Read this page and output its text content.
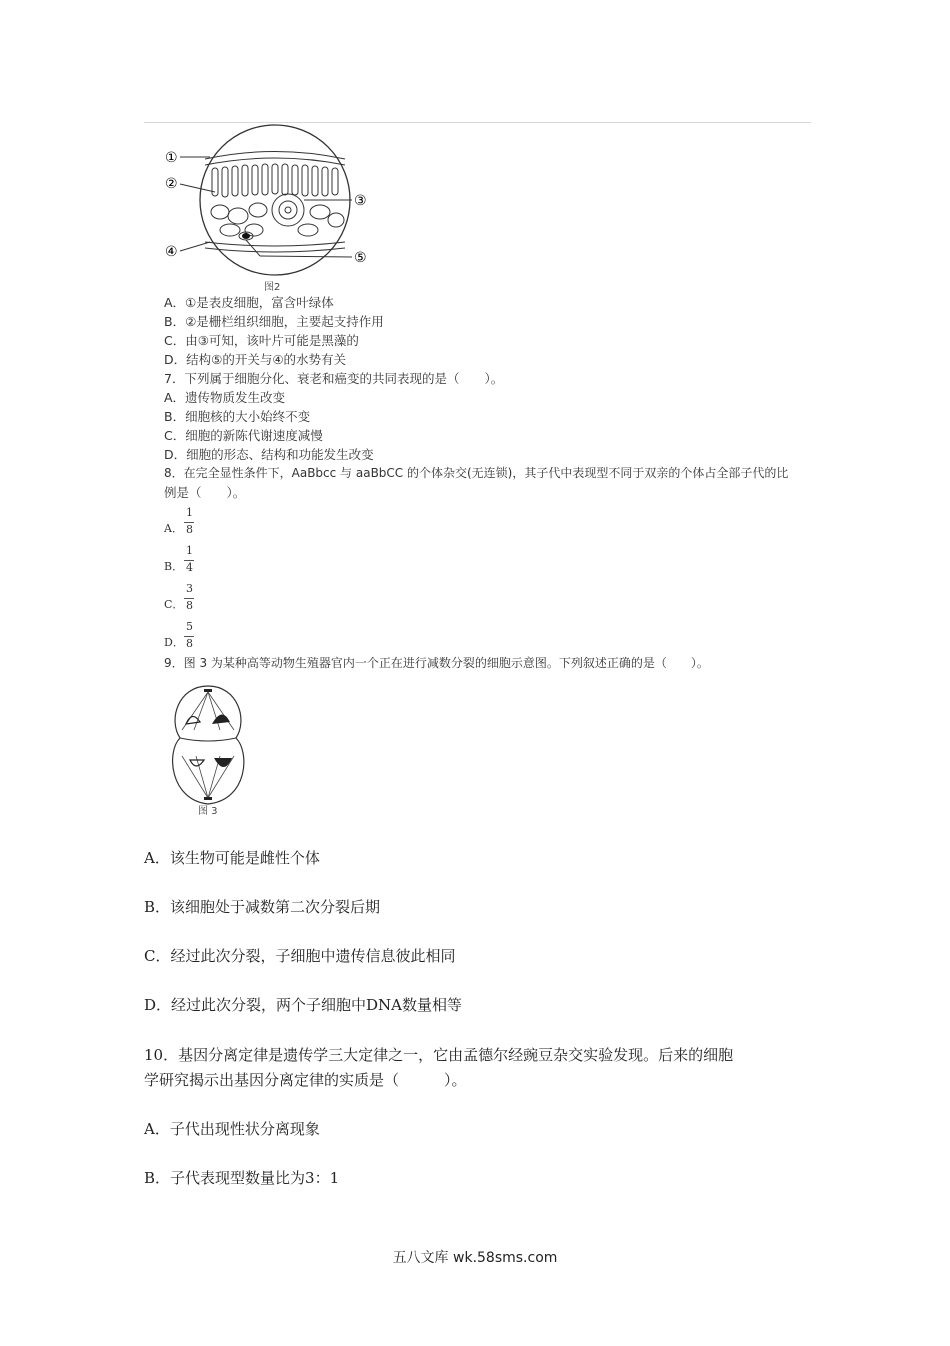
①
②
③
④	⑤
图2
A．①是表皮细胞，富含叶绿体
B．②是栅栏组织细胞，主要起支持作用
C．由③可知，该叶片可能是黑藻的
D．结构⑤的开关与④的水势有关
7．下列属于细胞分化、衰老和癌变的共同表现的是（　　）。
A．遗传物质发生改变
B．细胞核的大小始终不变
C．细胞的新陈代谢速度减慢
D．细胞的形态、结构和功能发生改变
8．在完全显性条件下，AaBbcc 与 aaBbCC 的个体杂交(无连锁)，其子代中表现型不同于双亲的个体占全部子代的比
例是（　　）。
A．
1
8
B．
1
4
C．
3
8
D．
5
8
9．图 3 为某种高等动物生殖器官内一个正在进行减数分裂的细胞示意图。下列叙述正确的是（　　）。
图 3
A．该生物可能是雌性个体
B．该细胞处于减数第二次分裂后期
C．经过此次分裂，子细胞中遗传信息彼此相同
D．经过此次分裂，两个子细胞中DNA数量相等
10．基因分离定律是遗传学三大定律之一，它由孟德尔经豌豆杂交实验发现。后来的细胞
学研究揭示出基因分离定律的实质是（　　　）。
A．子代出现性状分离现象
B．子代表现型数量比为3：1
五八文库 wk.58sms.com
